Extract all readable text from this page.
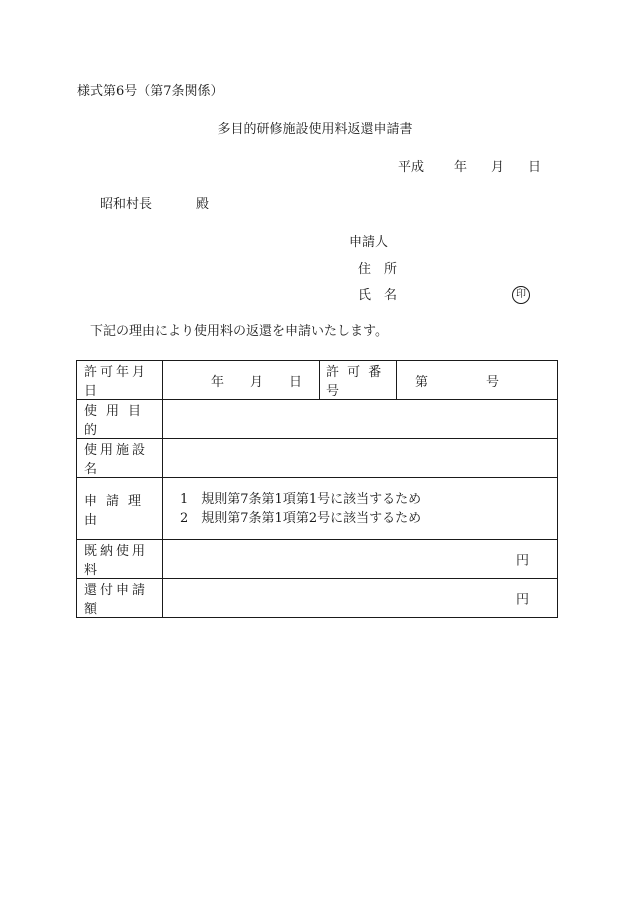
様式第6号（第7条関係）
多目的研修施設使用料返還申請書
平成 年 月 日
昭和村長	殿
申請人
住　所
氏　名	印
下記の理由により使用料の返還を申請いたします。
許可年月日	年 月 日	許 可 番 号	第 号

使用目的			
使用施設名			
申請理由	1　規則第7条第1項第1号に該当するため
2　規則第7条第1項第2号に該当するため		

既納使用料	円		

還付申請額	円		
